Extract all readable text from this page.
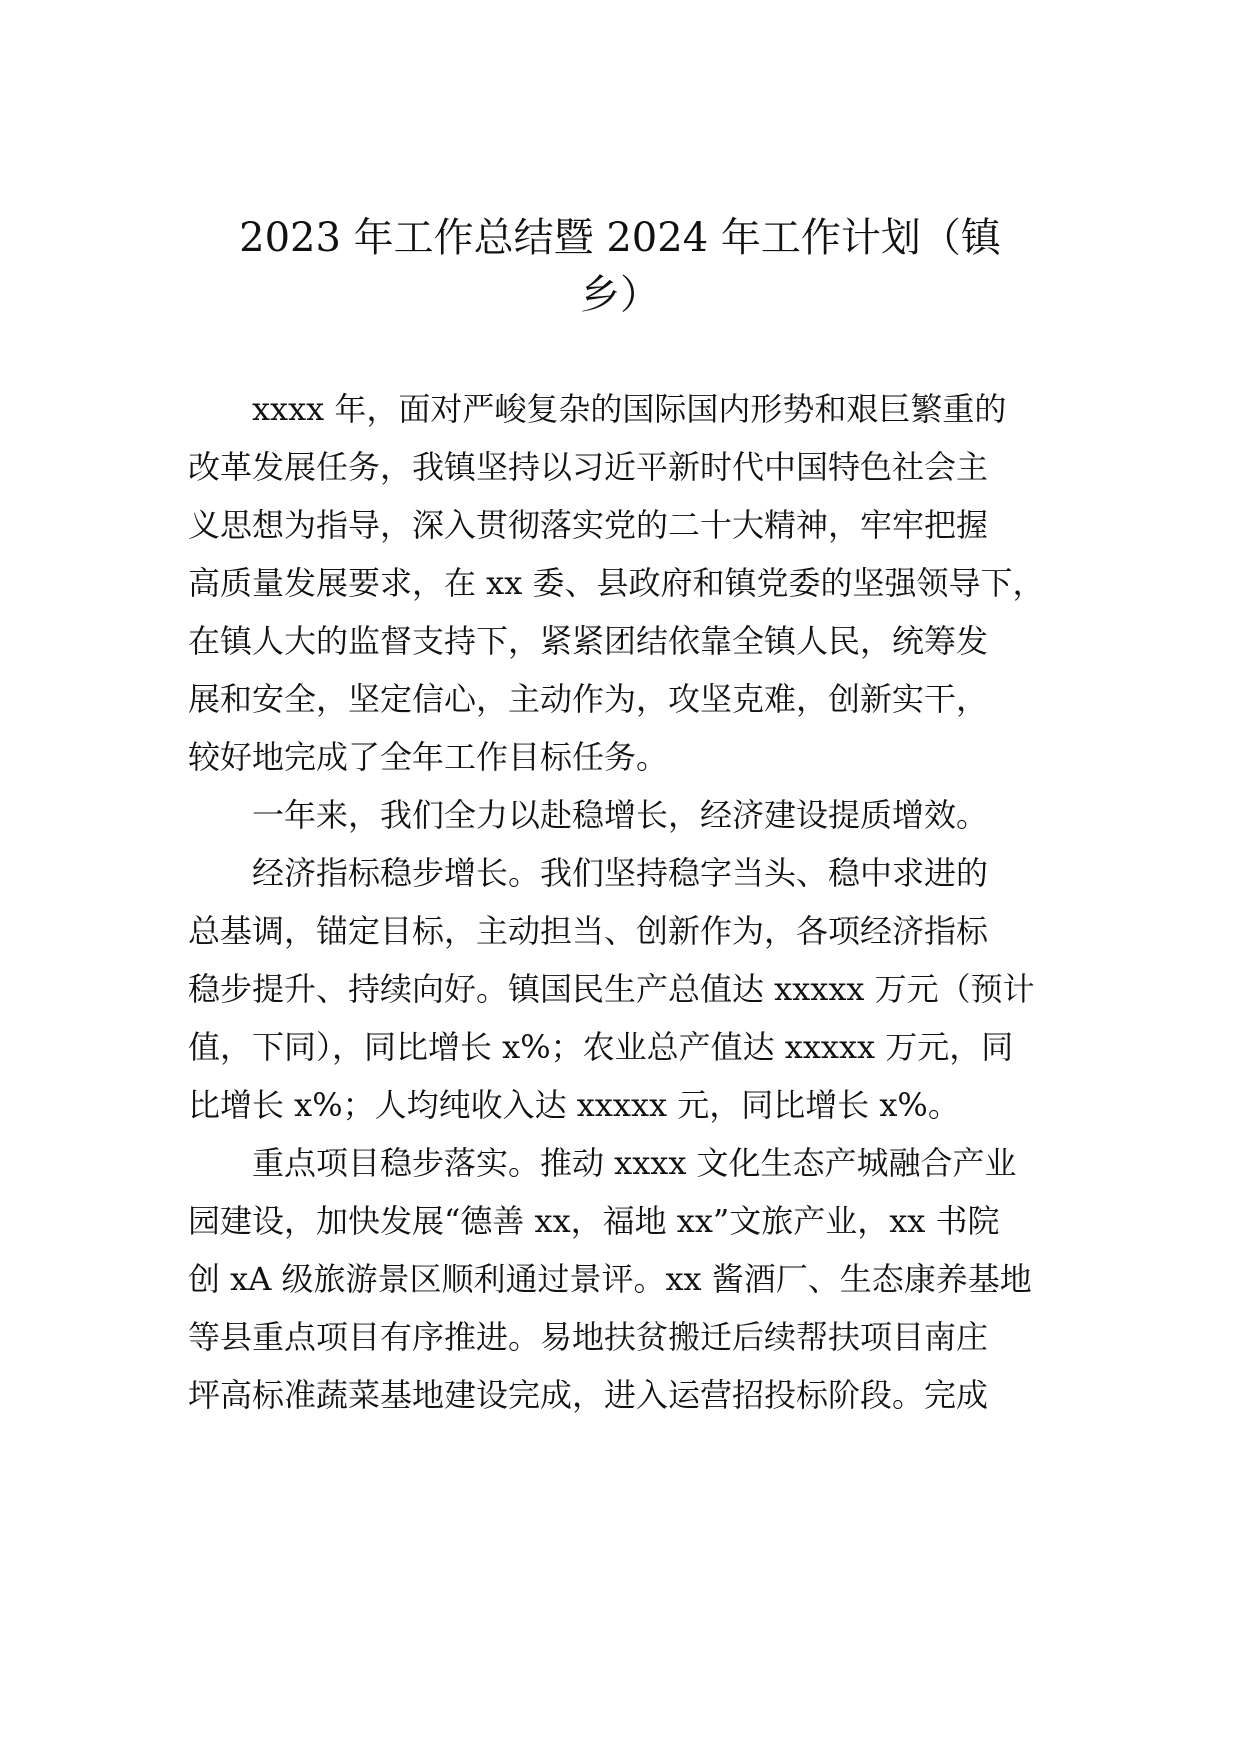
2023 年工作总结暨 2024 年工作计划（镇
乡）

xxxx 年，面对严峻复杂的国际国内形势和艰巨繁重的

改革发展任务，我镇坚持以习近平新时代中国特色社会主

义思想为指导，深入贯彻落实党的二十大精神，牢牢把握

高质量发展要求，在 xx 委、县政府和镇党委的坚强领导下，

在镇人大的监督支持下，紧紧团结依靠全镇人民，统筹发

展和安全，坚定信心，主动作为，攻坚克难，创新实干，

较好地完成了全年工作目标任务。

一年来，我们全力以赴稳增长，经济建设提质增效。

经济指标稳步增长。我们坚持稳字当头、稳中求进的

总基调，锚定目标，主动担当、创新作为，各项经济指标

稳步提升、持续向好。镇国民生产总值达 xxxxx 万元（预计

值，下同），同比增长 x%；农业总产值达 xxxxx 万元，同

比增长 x%；人均纯收入达 xxxxx 元，同比增长 x%。

重点项目稳步落实。推动 xxxx 文化生态产城融合产业

园建设，加快发展“德善 xx，福地 xx”文旅产业，xx 书院

创 xA 级旅游景区顺利通过景评。xx 酱酒厂、生态康养基地

等县重点项目有序推进。易地扶贫搬迁后续帮扶项目南庄

坪高标准蔬菜基地建设完成，进入运营招投标阶段。完成
